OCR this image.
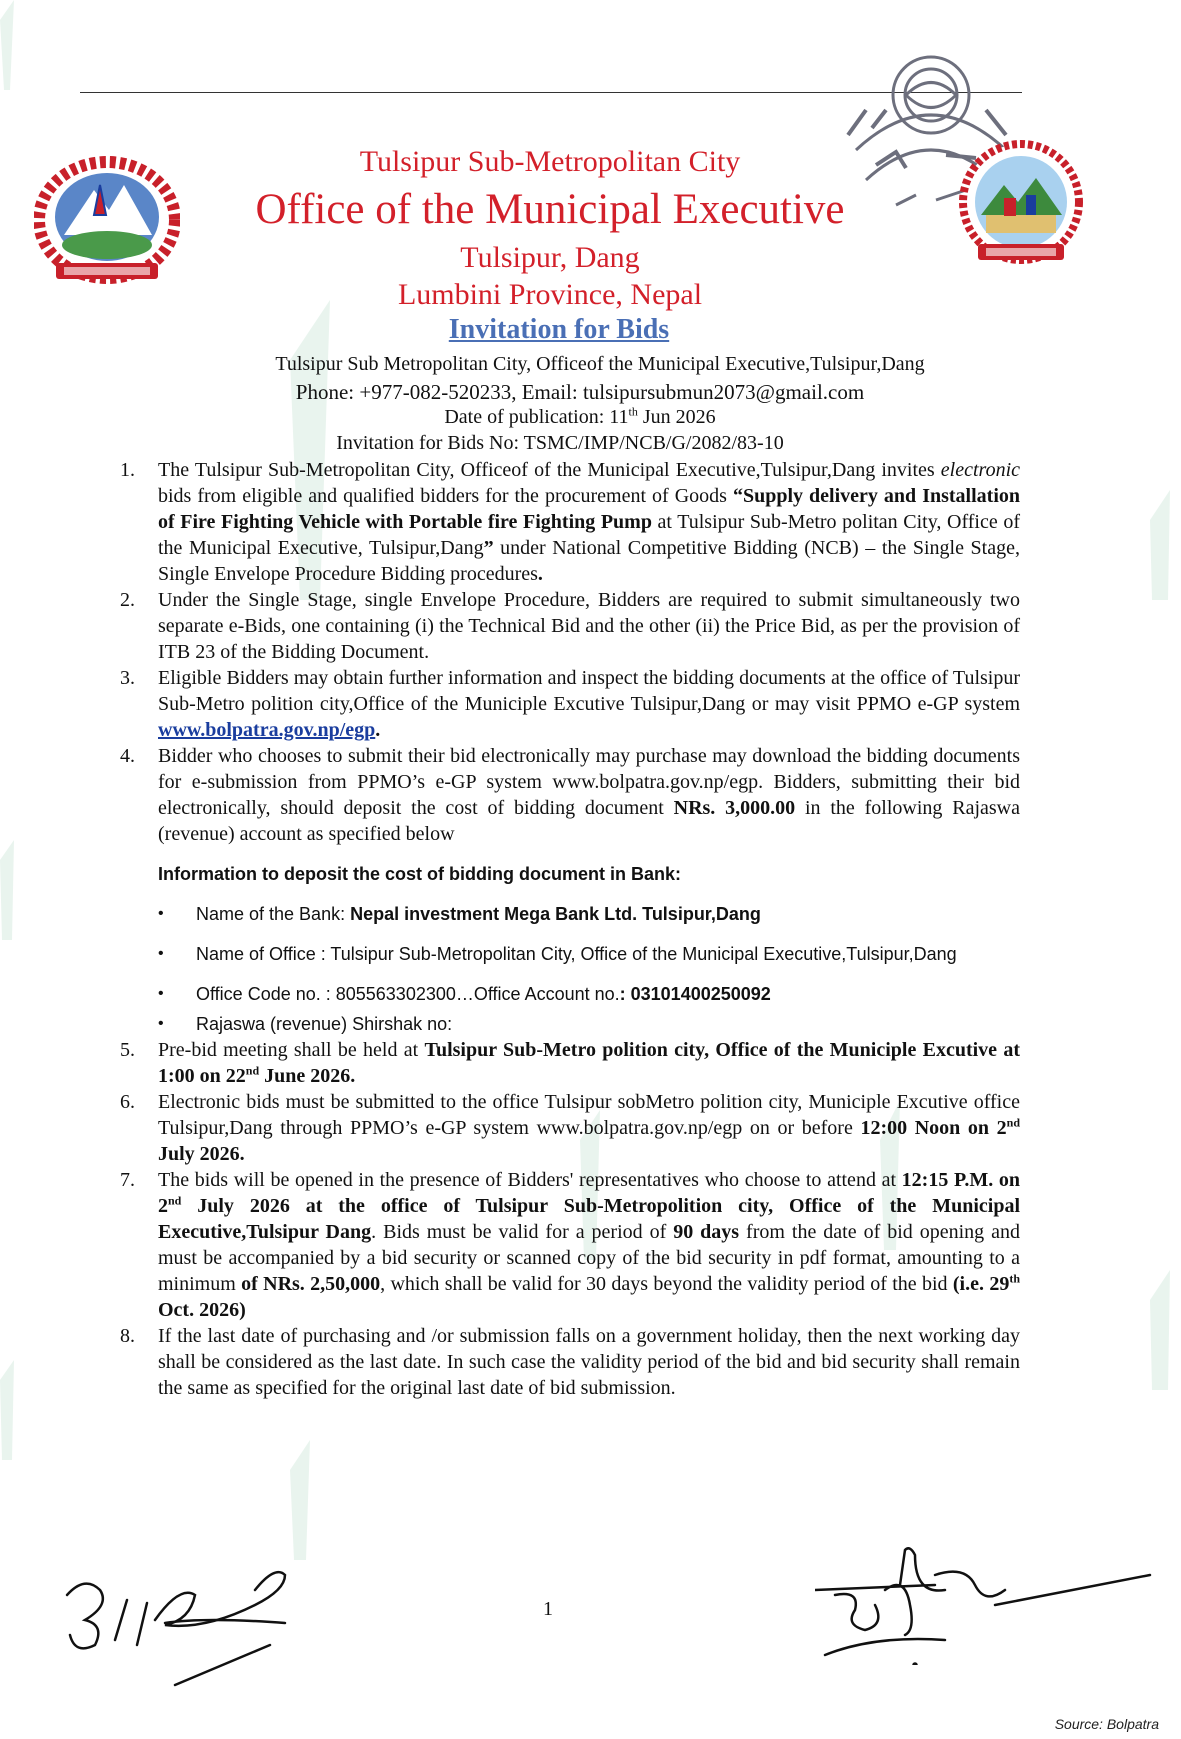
Tulsipur Sub-Metropolitan City
Office of the Municipal Executive
Tulsipur, Dang
Lumbini Province, Nepal
Invitation for Bids
Tulsipur Sub Metropolitan City, Officeof the Municipal Executive,Tulsipur,Dang
Phone: +977-082-520233, Email: tulsipursubmun2073@gmail.com
Date of publication: 11th Jun 2026
Invitation for Bids No: TSMC/IMP/NCB/G/2082/83-10
1. The Tulsipur Sub-Metropolitan City, Officeof of the Municipal Executive,Tulsipur,Dang invites electronic bids from eligible and qualified bidders for the procurement of Goods “Supply delivery and Installation of Fire Fighting Vehicle with Portable fire Fighting Pump at Tulsipur Sub-Metro politan City, Office of the Municipal Executive, Tulsipur,Dang” under National Competitive Bidding (NCB) – the Single Stage, Single Envelope Procedure Bidding procedures.
2. Under the Single Stage, single Envelope Procedure, Bidders are required to submit simultaneously two separate e-Bids, one containing (i) the Technical Bid and the other (ii) the Price Bid, as per the provision of ITB 23 of the Bidding Document.
3. Eligible Bidders may obtain further information and inspect the bidding documents at the office of Tulsipur Sub-Metro polition city,Office of the Municiple Excutive Tulsipur,Dang or may visit PPMO e-GP system www.bolpatra.gov.np/egp.
4. Bidder who chooses to submit their bid electronically may purchase may download the bidding documents for e-submission from PPMO’s e-GP system www.bolpatra.gov.np/egp. Bidders, submitting their bid electronically, should deposit the cost of bidding document NRs. 3,000.00 in the following Rajaswa (revenue) account as specified below
Information to deposit the cost of bidding document in Bank:
• Name of the Bank: Nepal investment Mega Bank Ltd. Tulsipur,Dang
• Name of Office : Tulsipur Sub-Metropolitan City, Office of the Municipal Executive,Tulsipur,Dang
• Office Code no. : 805563302300…Office Account no.: 03101400250092
• Rajaswa (revenue) Shirshak no:
5. Pre-bid meeting shall be held at Tulsipur Sub-Metro polition city, Office of the Municiple Excutive at 1:00 on 22nd June 2026.
6. Electronic bids must be submitted to the office Tulsipur sobMetro polition city, Municiple Excutive office Tulsipur,Dang through PPMO’s e-GP system www.bolpatra.gov.np/egp on or before 12:00 Noon on 2nd July 2026.
7. The bids will be opened in the presence of Bidders' representatives who choose to attend at 12:15 P.M. on 2nd July 2026 at the office of Tulsipur Sub-Metropolition city, Office of the Municipal Executive,Tulsipur Dang. Bids must be valid for a period of 90 days from the date of bid opening and must be accompanied by a bid security or scanned copy of the bid security in pdf format, amounting to a minimum of NRs. 2,50,000, which shall be valid for 30 days beyond the validity period of the bid (i.e. 29th Oct. 2026)
8. If the last date of purchasing and /or submission falls on a government holiday, then the next working day shall be considered as the last date. In such case the validity period of the bid and bid security shall remain the same as specified for the original last date of bid submission.
1
Source: Bolpatra
